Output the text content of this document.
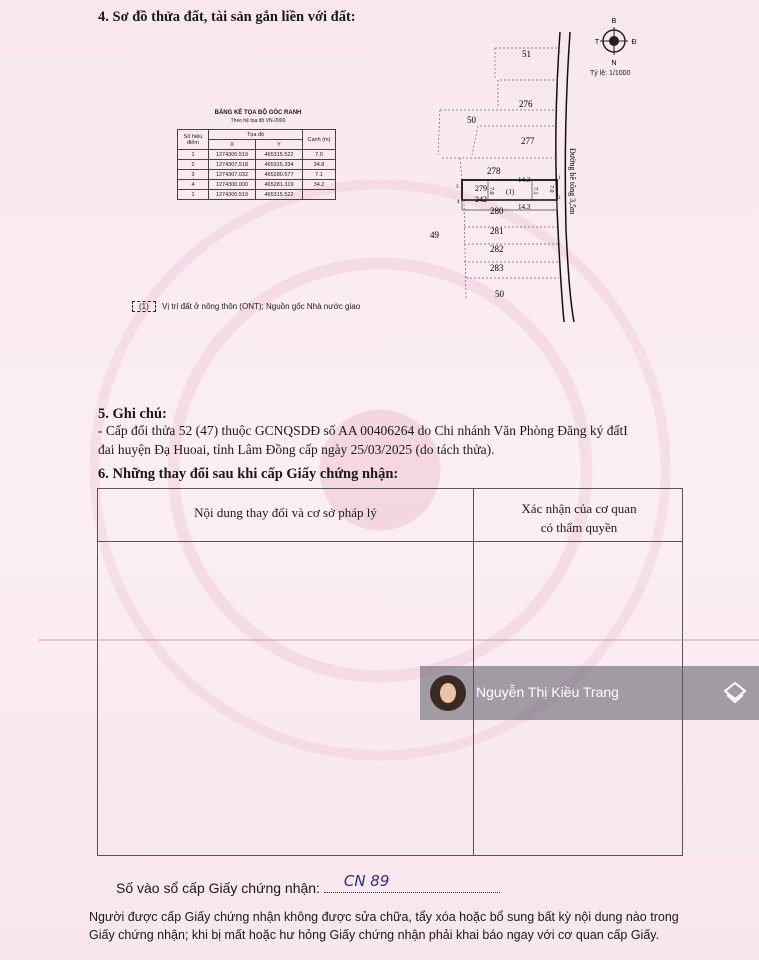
4. Sơ đồ thửa đất, tài sản gắn liền với đất:	B
N
T	Đ
Tỷ lệ: 1/1000
BẢNG KÊ TỌA ĐỘ GÓC RANH
Theo hệ tọa độ VN-2000
Số hiệu điểm	Tọa độ		Cạnh (m)
	X	Y	
1	1274300.519	465315.522	7.0
2	1274307.518	465315.334	34.8
3	1274307.032	465280.577	7.1
4	1274300.000	465281.319	34.2
1	1274300.519	465315.522		Đường bê tông 3,5m
51
276
50
277
278
279
242
280
281
282
283
50
49
14.3
14.3
7.0	7.1 7.0
(1)
1
2
3
4
(1) Vị trí đất ở nông thôn (ONT); Nguồn gốc Nhà nước giao
5. Ghi chú:
- Cấp đổi thửa 52 (47) thuộc GCNQSDĐ số AA 00406264 do Chi nhánh Văn Phòng Đăng ký đấtI
đai huyện Đạ Huoai, tỉnh Lâm Đồng cấp ngày 25/03/2025 (do tách thửa).
6. Những thay đổi sau khi cấp Giấy chứng nhận:
Nội dung thay đổi và cơ sở pháp lý	Xác nhận của cơ quan
có thẩm quyền
Nguyễn Thị Kiều Trang
Số vào sổ cấp Giấy chứng nhận: CN 89
Người được cấp Giấy chứng nhận không được sửa chữa, tẩy xóa hoặc bổ sung bất kỳ nội dung nào trong
Giấy chứng nhận; khi bị mất hoặc hư hỏng Giấy chứng nhận phải khai báo ngay với cơ quan cấp Giấy.
